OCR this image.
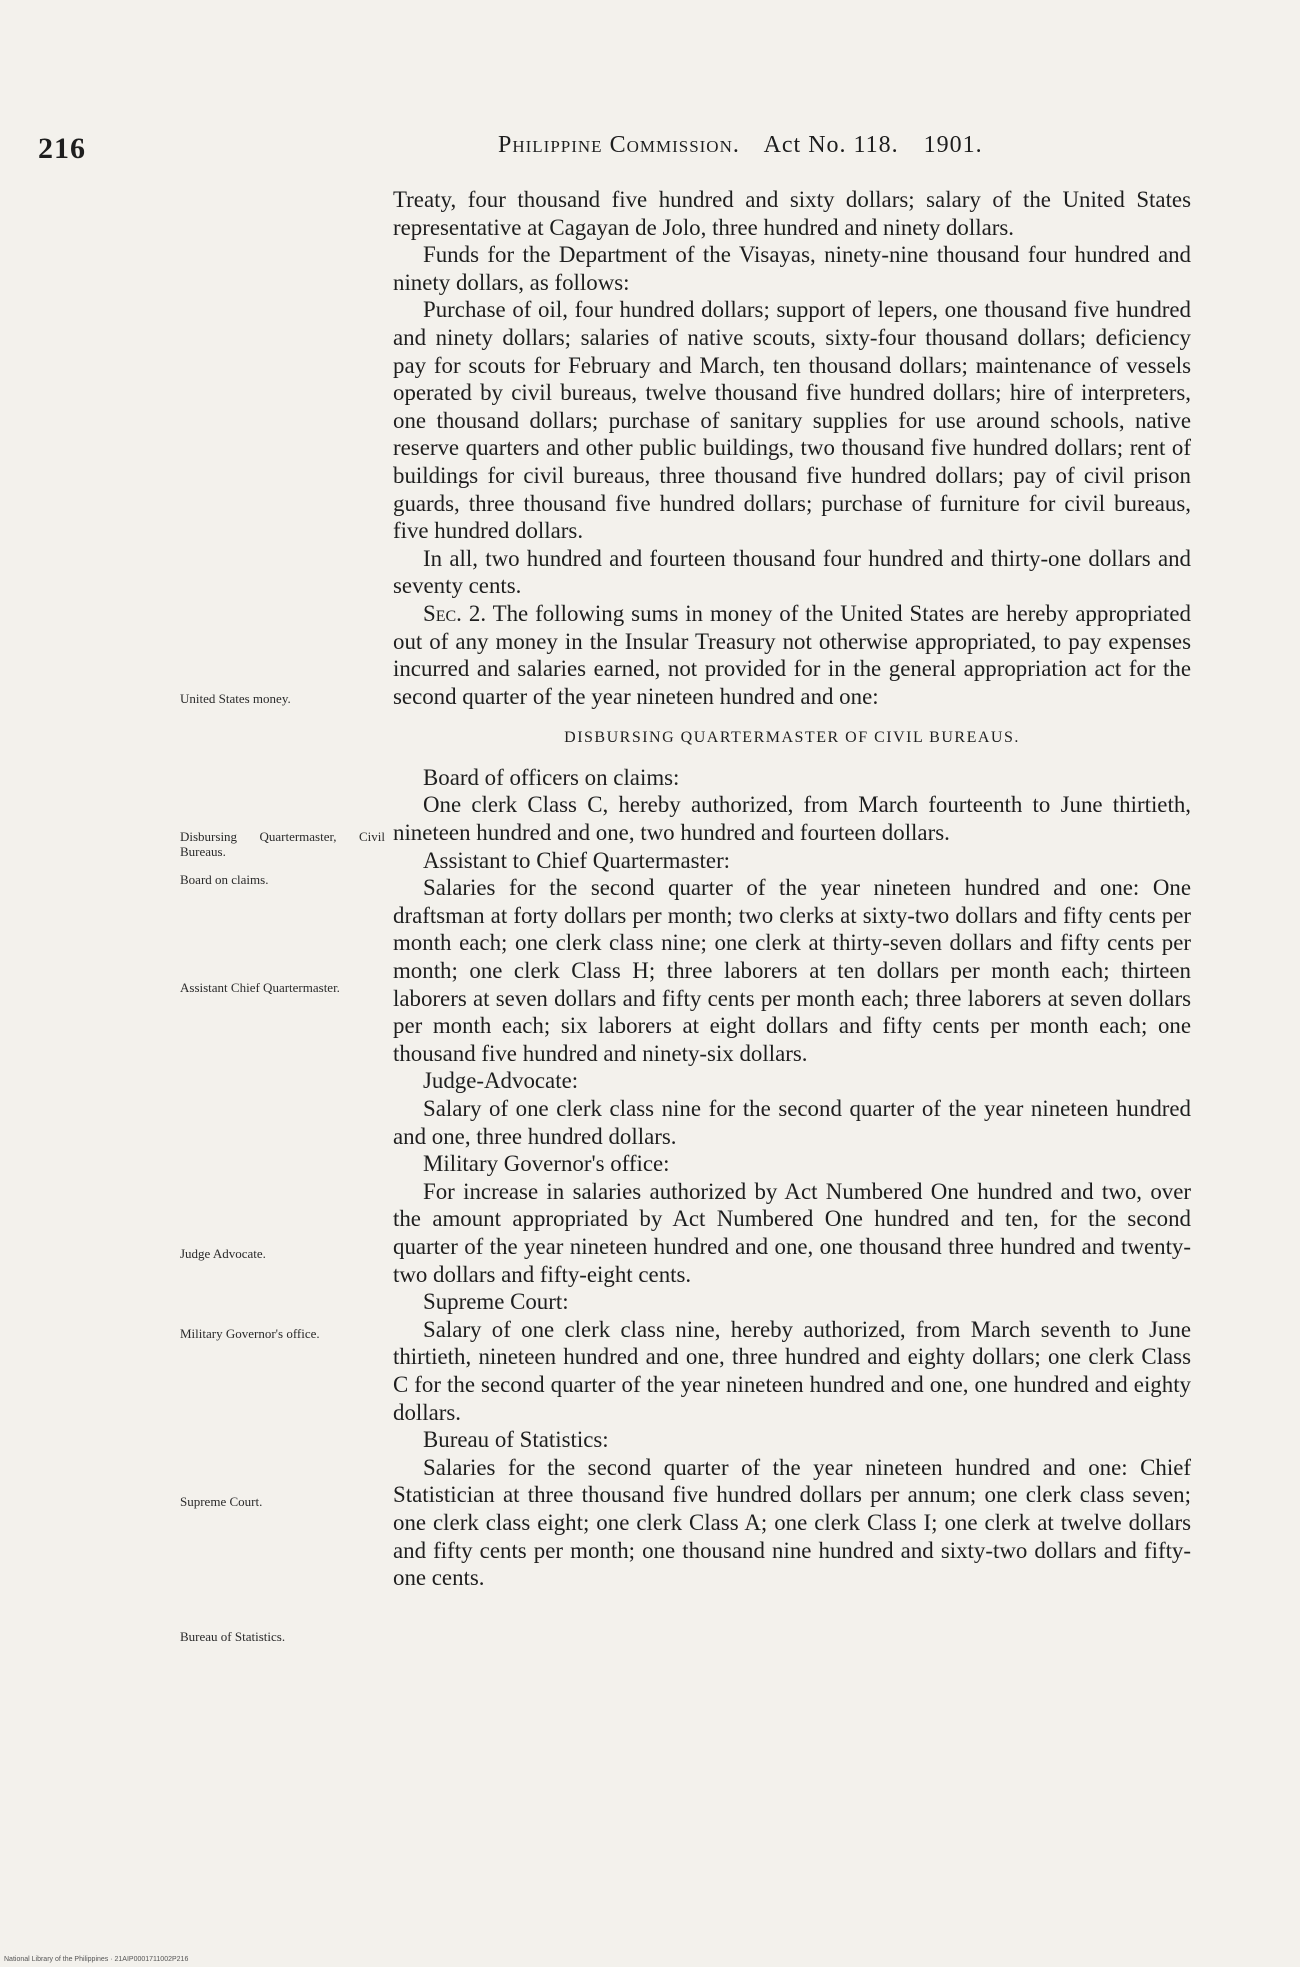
216	Philippine Commission. Act No. 118. 1901.
United States money.
Disbursing Quartermaster, Civil Bureaus.
Board on claims.
Assistant Chief Quartermaster.
Judge Advocate.
Military Governor's office.
Supreme Court.
Bureau of Statistics.

Treaty, four thousand five hundred and sixty dollars; salary of the United States representative at Cagayan de Jolo, three hundred and ninety dollars.

Funds for the Department of the Visayas, ninety-nine thousand four hundred and ninety dollars, as follows:

Purchase of oil, four hundred dollars; support of lepers, one thousand five hundred and ninety dollars; salaries of native scouts, sixty-four thousand dollars; deficiency pay for scouts for February and March, ten thousand dollars; maintenance of vessels operated by civil bureaus, twelve thousand five hundred dollars; hire of interpreters, one thousand dollars; purchase of sanitary supplies for use around schools, native reserve quarters and other public buildings, two thousand five hundred dollars; rent of buildings for civil bureaus, three thousand five hundred dollars; pay of civil prison guards, three thousand five hundred dollars; purchase of furniture for civil bureaus, five hundred dollars.

In all, two hundred and fourteen thousand four hundred and thirty-one dollars and seventy cents.

Sec. 2. The following sums in money of the United States are hereby appropriated out of any money in the Insular Treasury not otherwise appropriated, to pay expenses incurred and salaries earned, not provided for in the general appropriation act for the second quarter of the year nineteen hundred and one:

DISBURSING QUARTERMASTER OF CIVIL BUREAUS.

Board of officers on claims:

One clerk Class C, hereby authorized, from March fourteenth to June thirtieth, nineteen hundred and one, two hundred and fourteen dollars.

Assistant to Chief Quartermaster:

Salaries for the second quarter of the year nineteen hundred and one: One draftsman at forty dollars per month; two clerks at sixty-two dollars and fifty cents per month each; one clerk class nine; one clerk at thirty-seven dollars and fifty cents per month; one clerk Class H; three laborers at ten dollars per month each; thirteen laborers at seven dollars and fifty cents per month each; three laborers at seven dollars per month each; six laborers at eight dollars and fifty cents per month each; one thousand five hundred and ninety-six dollars.

Judge-Advocate:

Salary of one clerk class nine for the second quarter of the year nineteen hundred and one, three hundred dollars.

Military Governor's office:

For increase in salaries authorized by Act Numbered One hundred and two, over the amount appropriated by Act Numbered One hundred and ten, for the second quarter of the year nineteen hundred and one, one thousand three hundred and twenty-two dollars and fifty-eight cents.

Supreme Court:

Salary of one clerk class nine, hereby authorized, from March seventh to June thirtieth, nineteen hundred and one, three hundred and eighty dollars; one clerk Class C for the second quarter of the year nineteen hundred and one, one hundred and eighty dollars.

Bureau of Statistics:

Salaries for the second quarter of the year nineteen hundred and one: Chief Statistician at three thousand five hundred dollars per annum; one clerk class seven; one clerk class eight; one clerk Class A; one clerk Class I; one clerk at twelve dollars and fifty cents per month; one thousand nine hundred and sixty-two dollars and fifty-one cents.

National Library of the Philippines · 21AIP0001711002P216
